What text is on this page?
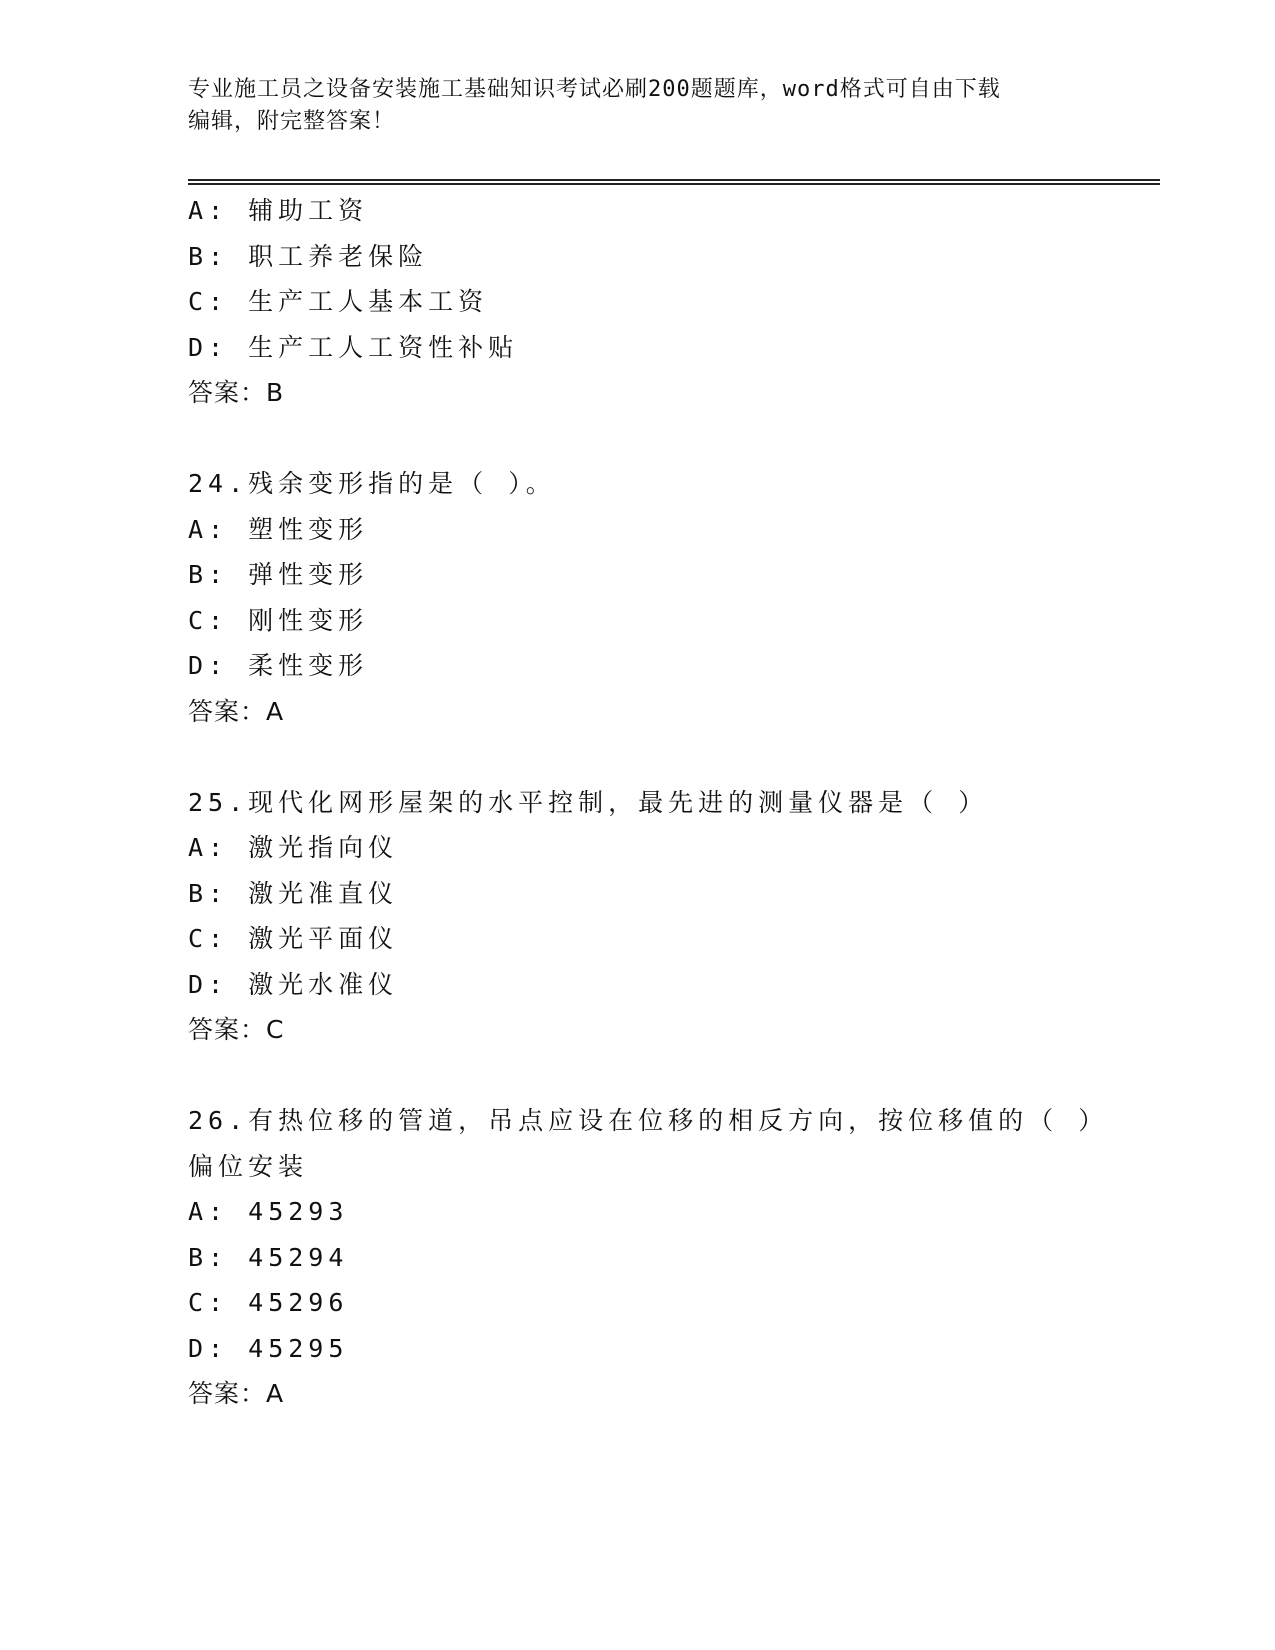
专业施工员之设备安装施工基础知识考试必刷200题题库，word格式可自由下载
编辑，附完整答案！
A: 辅助工资
B: 职工养老保险
C: 生产工人基本工资
D: 生产工人工资性补贴
答案：B
24.残余变形指的是（ ）。
A: 塑性变形
B: 弹性变形
C: 刚性变形
D: 柔性变形
答案：A
25.现代化网形屋架的水平控制，最先进的测量仪器是（ ）
A: 激光指向仪
B: 激光准直仪
C: 激光平面仪
D: 激光水准仪
答案：C
26.有热位移的管道，吊点应设在位移的相反方向，按位移值的（ ）
偏位安装
A: 45293
B: 45294
C: 45296
D: 45295
答案：A
